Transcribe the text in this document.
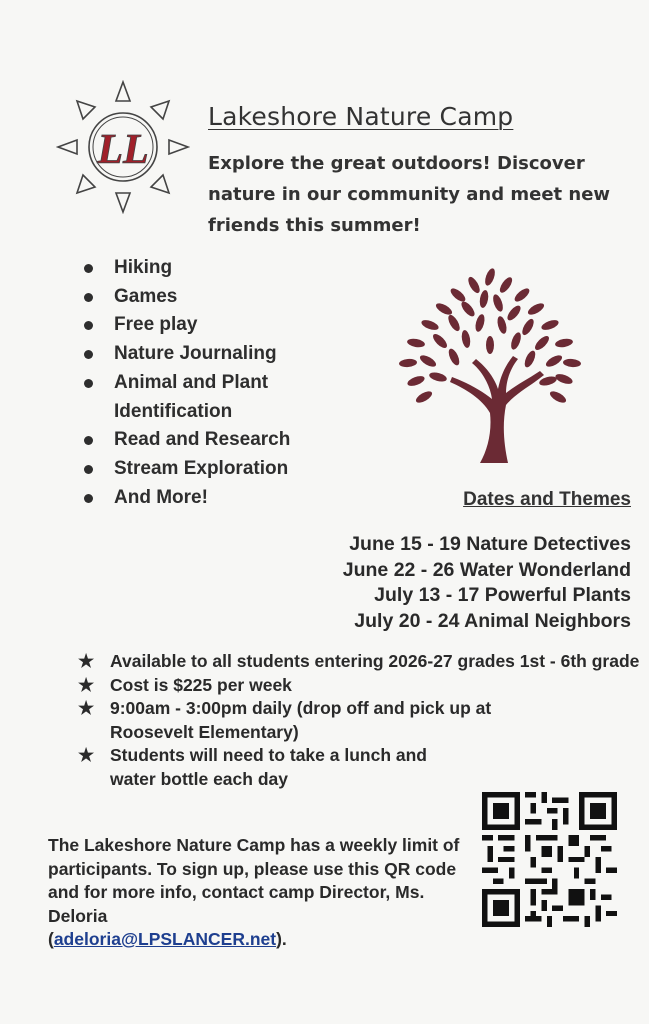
LL
Lakeshore Nature Camp
Explore the great outdoors! Discover nature in our community and meet new friends this summer!
Hiking
Games
Free play
Nature Journaling
Animal and Plant Identification
Read and Research
Stream Exploration
And More!	Dates and Themes
June 15 - 19 Nature Detectives
June 22 - 26 Water Wonderland
July 13 - 17 Powerful Plants
July 20 - 24 Animal Neighbors
★ Available to all students entering 2026-27 grades 1st - 6th grade
★ Cost is $225 per week
★ 9:00am - 3:00pm daily (drop off and pick up at Roosevelt Elementary)
★ Students will need to take a lunch and water bottle each day
The Lakeshore Nature Camp has a weekly limit of participants. To sign up, please use this QR code and for more info, contact camp Director, Ms. Deloria
(adeloria@LPSLANCER.net).
